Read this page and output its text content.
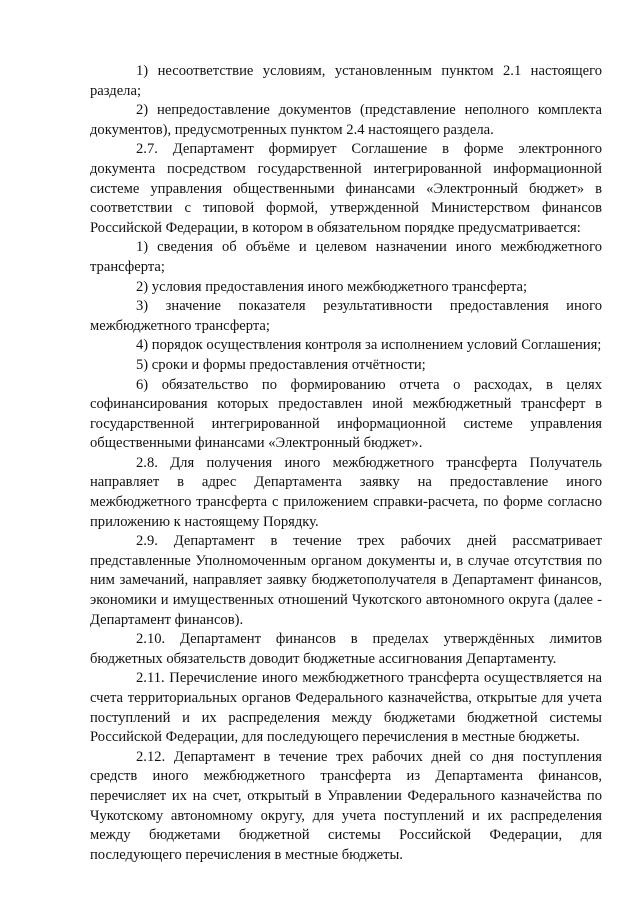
1) несоответствие условиям, установленным пунктом 2.1 настоящего раздела;

2) непредоставление документов (представление неполного комплекта документов), предусмотренных пунктом 2.4 настоящего раздела.

2.7. Департамент формирует Соглашение в форме электронного документа посредством государственной интегрированной информационной системе управления общественными финансами «Электронный бюджет» в соответствии с типовой формой, утвержденной Министерством финансов Российской Федерации, в котором в обязательном порядке предусматривается:

1) сведения об объёме и целевом назначении иного межбюджетного трансферта;

2) условия предоставления иного межбюджетного трансферта;

3) значение показателя результативности предоставления иного межбюджетного трансферта;

4) порядок осуществления контроля за исполнением условий Соглашения;

5) сроки и формы предоставления отчётности;

6) обязательство по формированию отчета о расходах, в целях софинансирования которых предоставлен иной межбюджетный трансферт в государственной интегрированной информационной системе управления общественными финансами «Электронный бюджет».

2.8. Для получения иного межбюджетного трансферта Получатель направляет в адрес Департамента заявку на предоставление иного межбюджетного трансферта с приложением справки-расчета, по форме согласно приложению к настоящему Порядку.

2.9. Департамент в течение трех рабочих дней рассматривает представленные Уполномоченным органом документы и, в случае отсутствия по ним замечаний, направляет заявку бюджетополучателя в Департамент финансов, экономики и имущественных отношений Чукотского автономного округа (далее - Департамент финансов).

2.10. Департамент финансов в пределах утверждённых лимитов бюджетных обязательств доводит бюджетные ассигнования Департаменту.

2.11. Перечисление иного межбюджетного трансферта осуществляется на счета территориальных органов Федерального казначейства, открытые для учета поступлений и их распределения между бюджетами бюджетной системы Российской Федерации, для последующего перечисления в местные бюджеты.

2.12. Департамент в течение трех рабочих дней со дня поступления средств иного межбюджетного трансферта из Департамента финансов, перечисляет их на счет, открытый в Управлении Федерального казначейства по Чукотскому автономному округу, для учета поступлений и их распределения между бюджетами бюджетной системы Российской Федерации, для последующего перечисления в местные бюджеты.
